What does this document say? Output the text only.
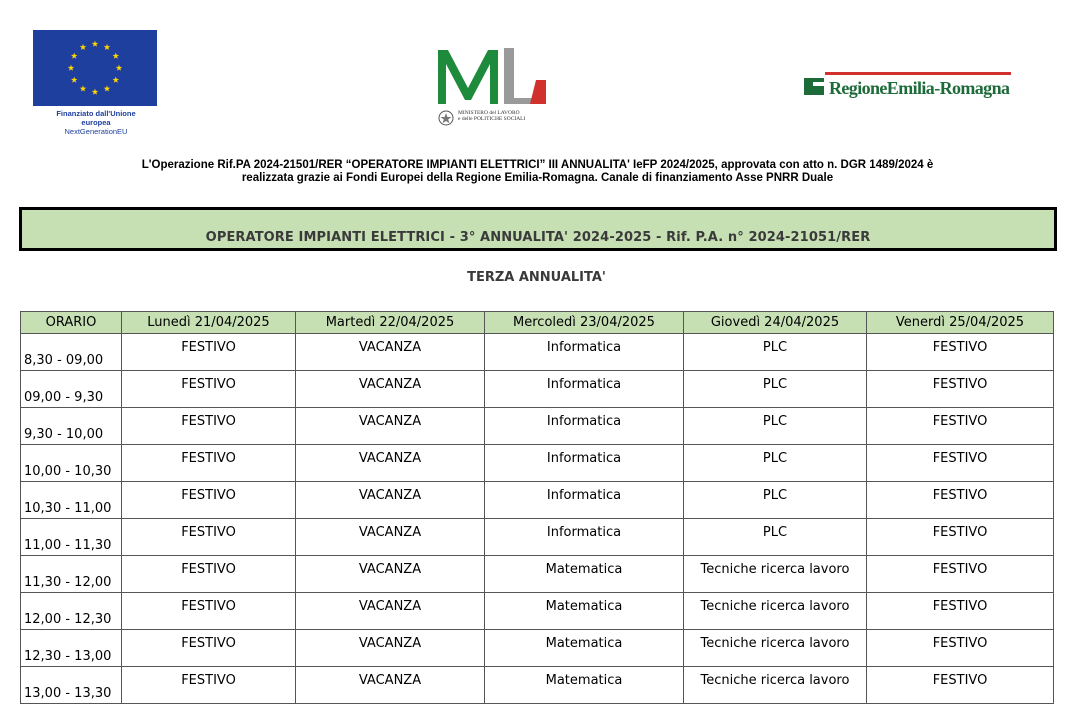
Finanziato dall'Unione
europea
NextGenerationEU
MINISTERO del LAVORO
e delle POLITICHE SOCIALI
RegioneEmilia-Romagna
L'Operazione Rif.PA 2024-21501/RER “OPERATORE IMPIANTI ELETTRICI” III ANNUALITA' IeFP 2024/2025, approvata con atto n. DGR 1489/2024 è
realizzata grazie ai Fondi Europei della Regione Emilia-Romagna. Canale di finanziamento Asse PNRR Duale
OPERATORE IMPIANTI ELETTRICI - 3° ANNUALITA' 2024-2025 - Rif. P.A. n° 2024-21051/RER
TERZA ANNUALITA'
ORARIO	Lunedì 21/04/2025	Martedì 22/04/2025	Mercoledì 23/04/2025	Giovedì 24/04/2025	Venerdì 25/04/2025
8,30 - 09,00	FESTIVO	VACANZA	Informatica	PLC	FESTIVO
09,00 - 9,30	FESTIVO	VACANZA	Informatica	PLC	FESTIVO
9,30 - 10,00	FESTIVO	VACANZA	Informatica	PLC	FESTIVO
10,00 - 10,30	FESTIVO	VACANZA	Informatica	PLC	FESTIVO
10,30 - 11,00	FESTIVO	VACANZA	Informatica	PLC	FESTIVO
11,00 - 11,30	FESTIVO	VACANZA	Informatica	PLC	FESTIVO
11,30 - 12,00	FESTIVO	VACANZA	Matematica	Tecniche ricerca lavoro	FESTIVO
12,00 - 12,30	FESTIVO	VACANZA	Matematica	Tecniche ricerca lavoro	FESTIVO
12,30 - 13,00	FESTIVO	VACANZA	Matematica	Tecniche ricerca lavoro	FESTIVO
13,00 - 13,30	FESTIVO	VACANZA	Matematica	Tecniche ricerca lavoro	FESTIVO
